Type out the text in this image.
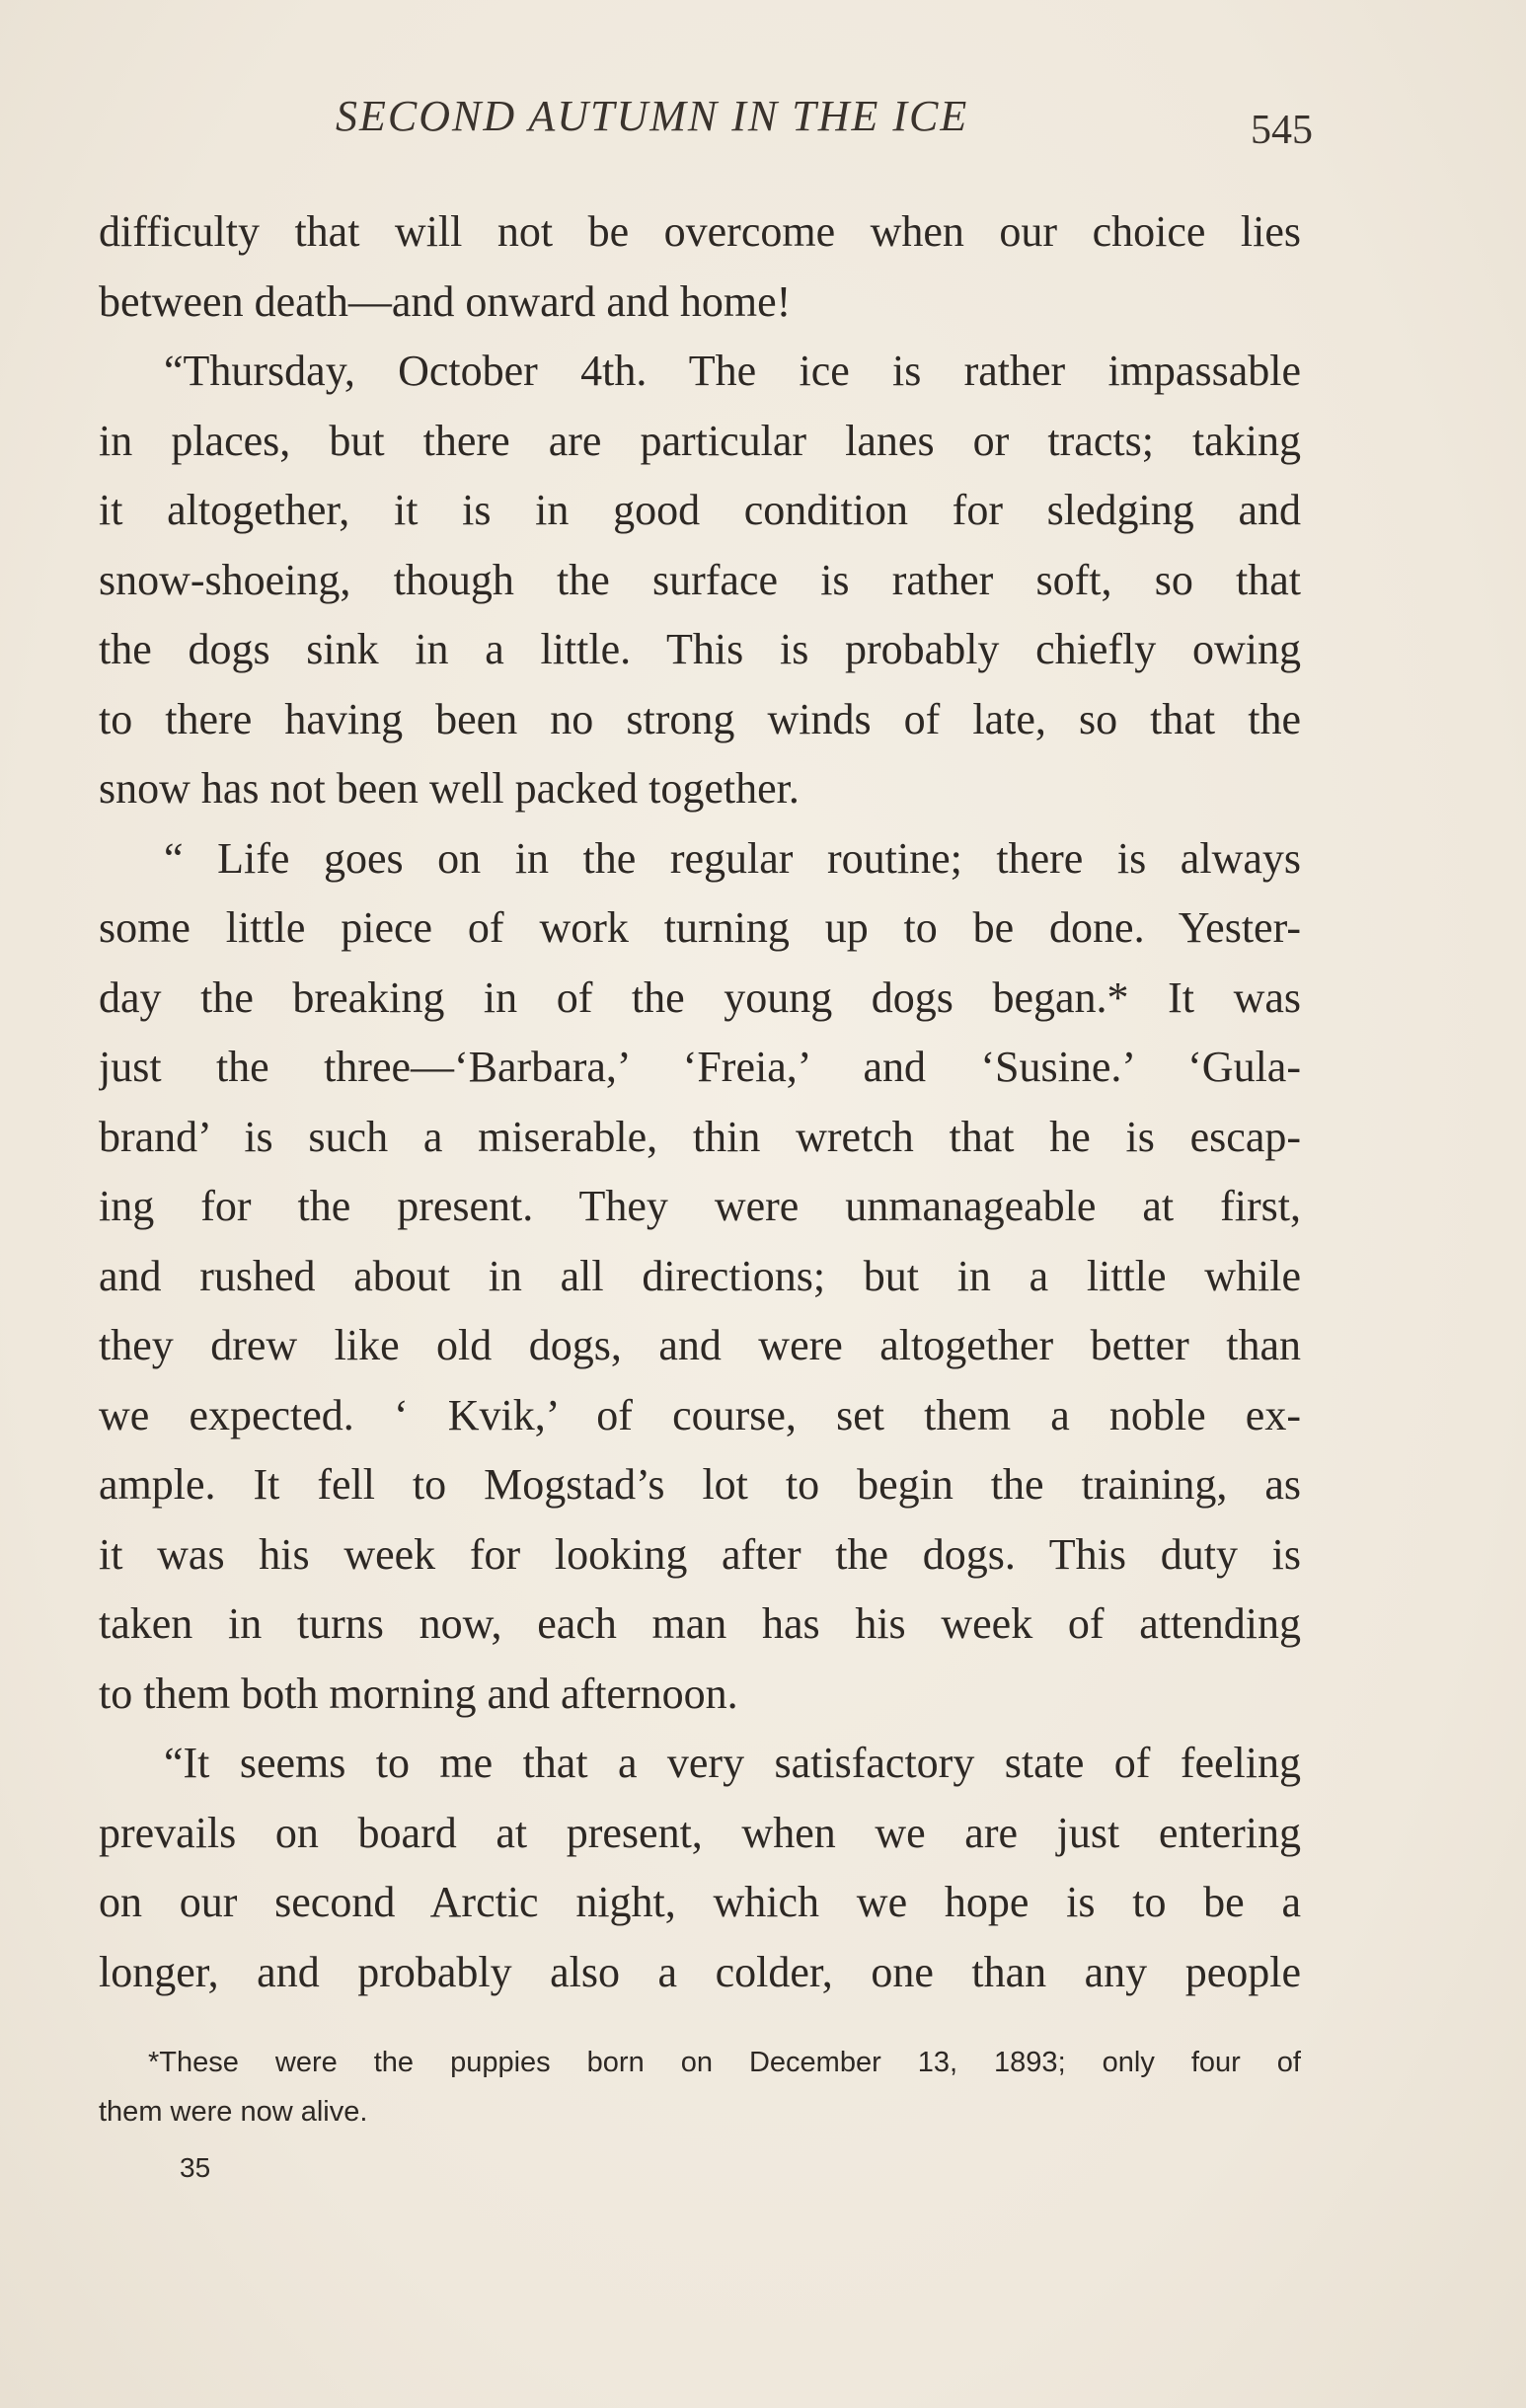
SECOND AUTUMN IN THE ICE	545
difficulty that will not be overcome when our choice lies
between death—and onward and home!
“Thursday, October 4th. The ice is rather impassable
in places, but there are particular lanes or tracts; taking
it altogether, it is in good condition for sledging and
snow-shoeing, though the surface is rather soft, so that
the dogs sink in a little. This is probably chiefly owing
to there having been no strong winds of late, so that the
snow has not been well packed together.
“ Life goes on in the regular routine; there is always
some little piece of work turning up to be done. Yester-
day the breaking in of the young dogs began.* It was
just the three—‘Barbara,’ ‘Freia,’ and ‘Susine.’ ‘Gula-
brand’ is such a miserable, thin wretch that he is escap-
ing for the present. They were unmanageable at first,
and rushed about in all directions; but in a little while
they drew like old dogs, and were altogether better than
we expected. ‘ Kvik,’ of course, set them a noble ex-
ample. It fell to Mogstad’s lot to begin the training, as
it was his week for looking after the dogs. This duty is
taken in turns now, each man has his week of attending
to them both morning and afternoon.
“It seems to me that a very satisfactory state of feeling
prevails on board at present, when we are just entering
on our second Arctic night, which we hope is to be a
longer, and probably also a colder, one than any people
*These were the puppies born on December 13, 1893; only four of
them were now alive.
35
